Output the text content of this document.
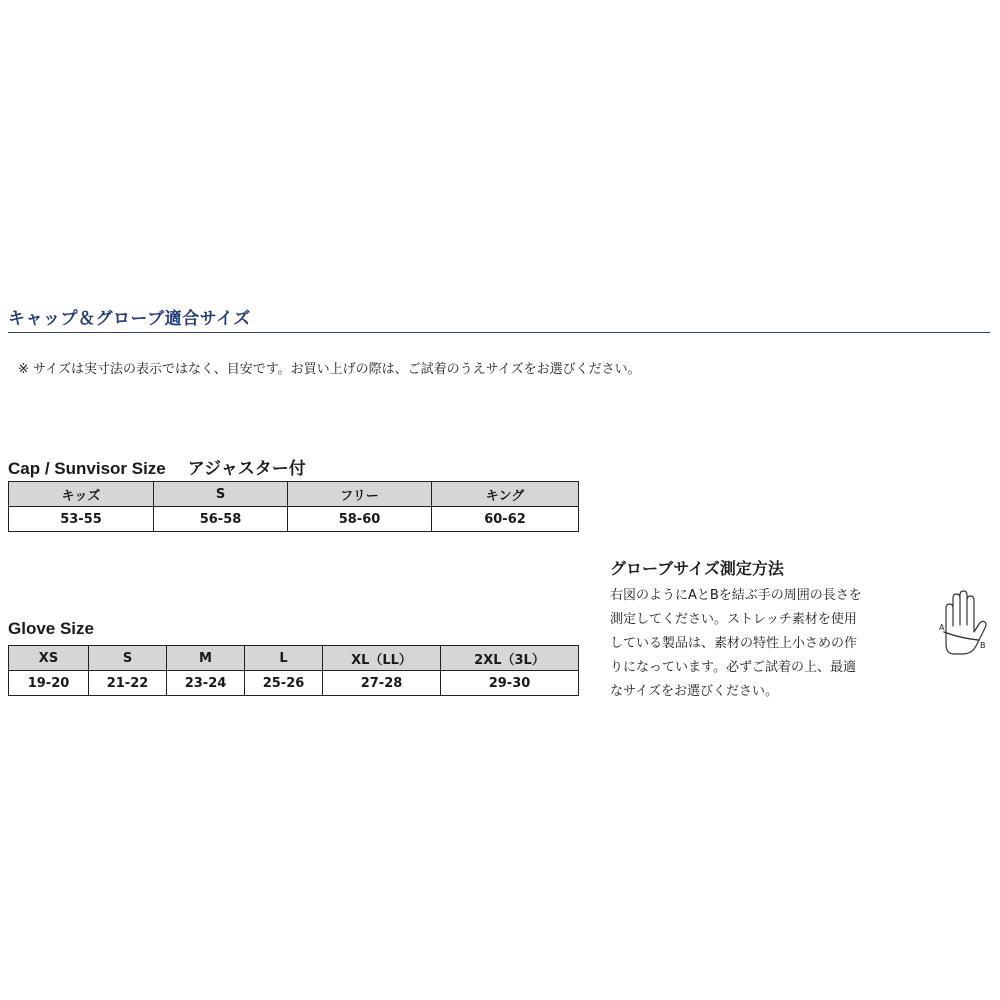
キャップ＆グローブ適合サイズ
※ サイズは実寸法の表示ではなく、目安です。お買い上げの際は、ご試着のうえサイズをお選びください。
Cap / Sunvisor Size アジャスター付
キッズ	S	フリー	キング
53-55	56-58	58-60	60-62
Glove Size
XS	S	M	L	XL（LL）	2XL（3L）
19-20	21-22	23-24	25-26	27-28	29-30
グローブサイズ測定方法
右図のようにAとBを結ぶ手の周囲の長さを
測定してください。ストレッチ素材を使用
している製品は、素材の特性上小さめの作
りになっています。必ずご試着の上、最適
なサイズをお選びください。
A
B
